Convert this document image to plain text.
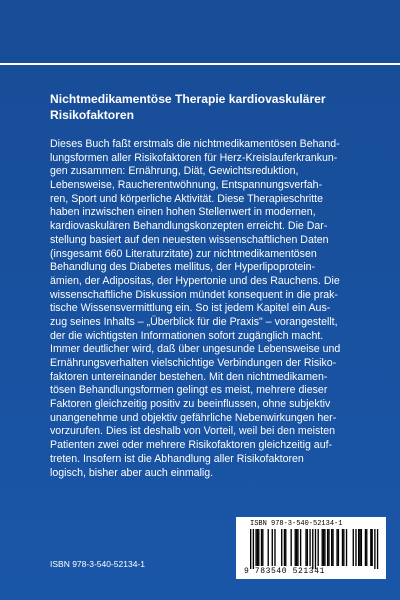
Nichtmedikamentöse Therapie kardiovaskulärer
Risikofaktoren
Dieses Buch faßt erstmals die nichtmedikamentösen Behand-
lungsformen aller Risikofaktoren für Herz-Kreislauferkrankun-
gen zusammen: Ernährung, Diät, Gewichtsreduktion,
Lebensweise, Raucherentwöhnung, Entspannungsverfah-
ren, Sport und körperliche Aktivität. Diese Therapieschritte
haben inzwischen einen hohen Stellenwert in modernen,
kardiovaskulären Behandlungskonzepten erreicht. Die Dar-
stellung basiert auf den neuesten wissenschaftlichen Daten
(insgesamt 660 Literaturzitate) zur nichtmedikamentösen
Behandlung des Diabetes mellitus, der Hyperlipoprotein-
ämien, der Adipositas, der Hypertonie und des Rauchens. Die
wissenschaftliche Diskussion mündet konsequent in die prak-
tische Wissensvermittlung ein. So ist jedem Kapitel ein Aus-
zug seines Inhalts – „Überblick für die Praxis" – vorangestellt,
der die wichtigsten Informationen sofort zugänglich macht.
Immer deutlicher wird, daß über ungesunde Lebensweise und
Ernährungsverhalten vielschichtige Verbindungen der Risiko-
faktoren untereinander bestehen. Mit den nichtmedikamen-
tösen Behandlungsformen gelingt es meist, mehrere dieser
Faktoren gleichzeitig positiv zu beeinflussen, ohne subjektiv
unangenehme und objektiv gefährliche Nebenwirkungen her-
vorzurufen. Dies ist deshalb von Vorteil, weil bei den meisten
Patienten zwei oder mehrere Risikofaktoren gleichzeitig auf-
treten. Insofern ist die Abhandlung aller Risikofaktoren
logisch, bisher aber auch einmalig.

ISBN 978-3-540-52134-1

ISBN 978-3-540-52134-1

9 783540 521341
